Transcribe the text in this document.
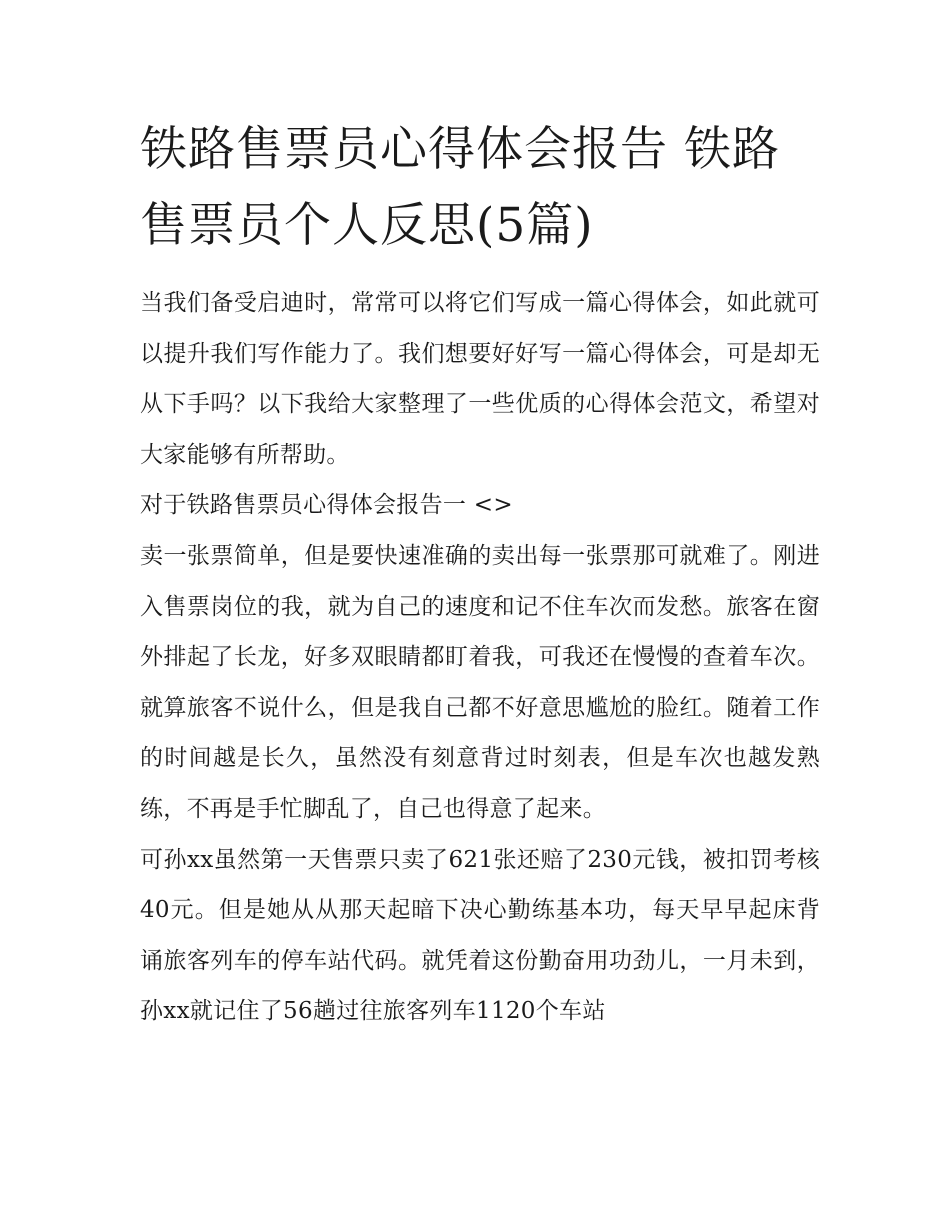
铁路售票员心得体会报告 铁路售票员个人反思(5篇)

当我们备受启迪时，常常可以将它们写成一篇心得体会，如此就可以提升我们写作能力了。我们想要好好写一篇心得体会，可是却无从下手吗？以下我给大家整理了一些优质的心得体会范文，希望对大家能够有所帮助。

对于铁路售票员心得体会报告一 <>

卖一张票简单，但是要快速准确的卖出每一张票那可就难了。刚进入售票岗位的我，就为自己的速度和记不住车次而发愁。旅客在窗外排起了长龙，好多双眼睛都盯着我，可我还在慢慢的查着车次。就算旅客不说什么，但是我自己都不好意思尴尬的脸红。随着工作的时间越是长久，虽然没有刻意背过时刻表，但是车次也越发熟练，不再是手忙脚乱了，自己也得意了起来。

可孙xx虽然第一天售票只卖了621张还赔了230元钱，被扣罚考核40元。但是她从从那天起暗下决心勤练基本功，每天早早起床背诵旅客列车的停车站代码。就凭着这份勤奋用功劲儿，一月未到，孙xx就记住了56趟过往旅客列车1120个车站
